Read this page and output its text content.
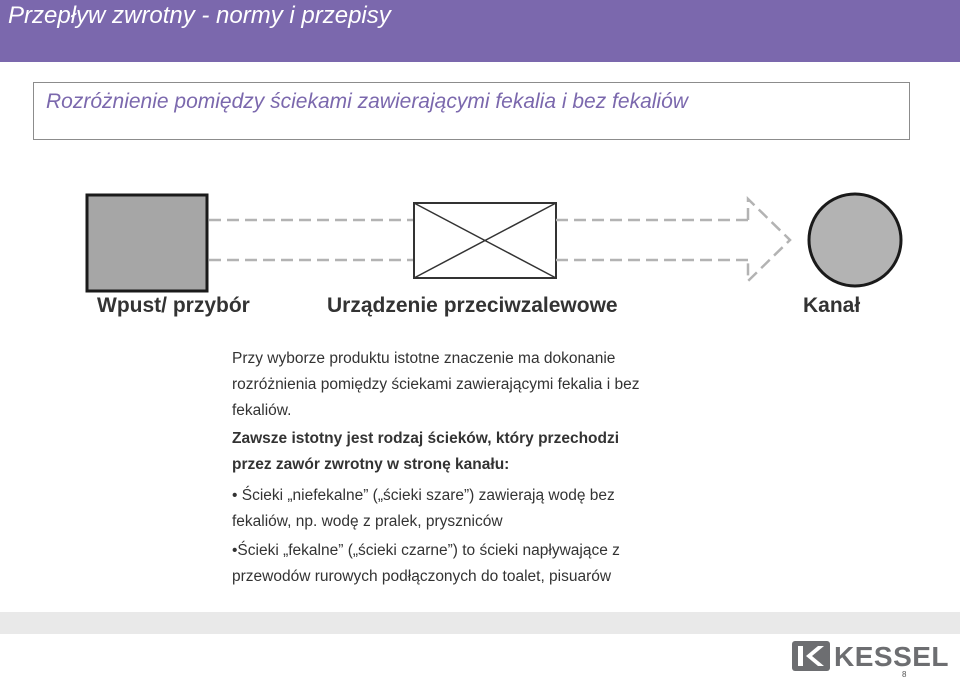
Przepływ zwrotny - normy i przepisy
Rozróżnienie pomiędzy ściekami zawierającymi fekalia i bez fekaliów
Wpust/ przybór	Urządzenie przeciwzalewowe	Kanał
Przy wyborze produktu istotne znaczenie ma dokonanie
rozróżnienia pomiędzy ściekami zawierającymi fekalia i bez
fekaliów.
Zawsze istotny jest rodzaj ścieków, który przechodzi
przez zawór zwrotny w stronę kanału:
• Ścieki „niefekalne” („ścieki szare”) zawierają wodę bez
fekaliów, np. wodę z pralek, pryszniców
•Ścieki „fekalne” („ścieki czarne”) to ścieki napływające z
przewodów rurowych podłączonych do toalet, pisuarów
KESSEL
8
